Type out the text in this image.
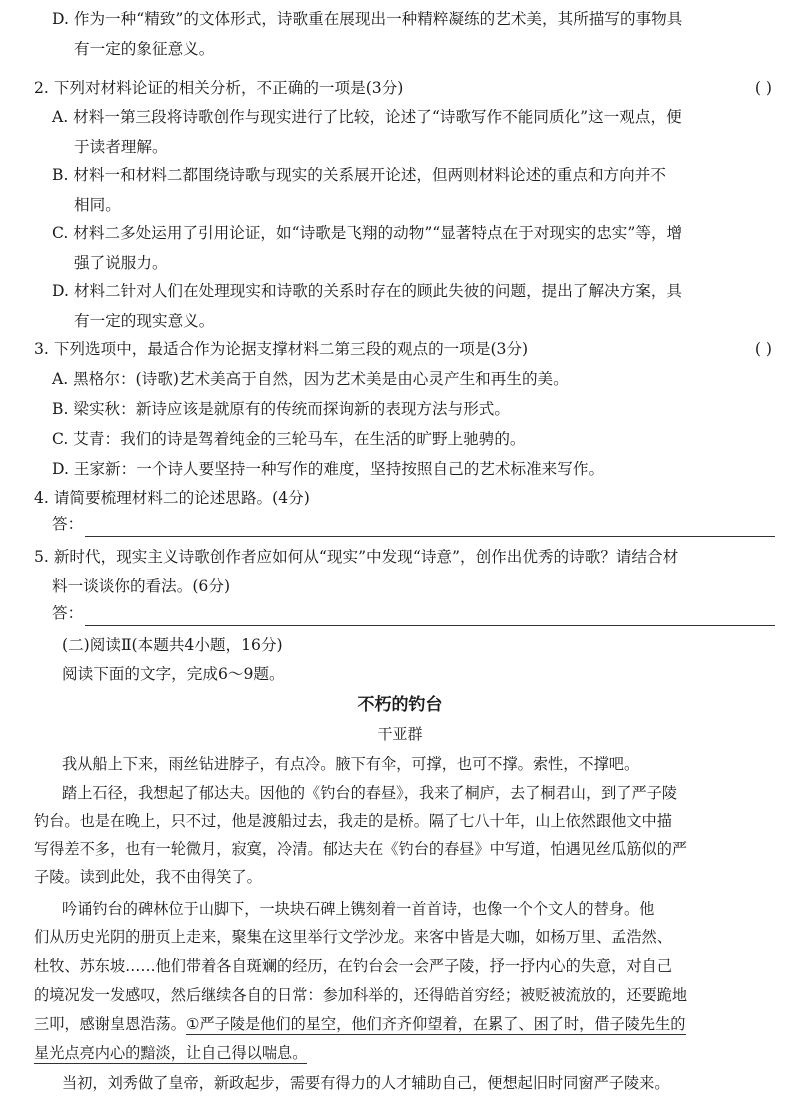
D. 作为一种“精致”的文体形式，诗歌重在展现出一种精粹凝练的艺术美，其所描写的事物具
有一定的象征意义。
2. 下列对材料论证的相关分析，不正确的一项是(3分)	( )
A. 材料一第三段将诗歌创作与现实进行了比较，论述了“诗歌写作不能同质化”这一观点，便
于读者理解。
B. 材料一和材料二都围绕诗歌与现实的关系展开论述，但两则材料论述的重点和方向并不
相同。
C. 材料二多处运用了引用论证，如“诗歌是飞翔的动物”“显著特点在于对现实的忠实”等，增
强了说服力。
D. 材料二针对人们在处理现实和诗歌的关系时存在的顾此失彼的问题，提出了解决方案，具
有一定的现实意义。
3. 下列选项中，最适合作为论据支撑材料二第三段的观点的一项是(3分)	( )
A. 黑格尔：(诗歌)艺术美高于自然，因为艺术美是由心灵产生和再生的美。
B. 梁实秋：新诗应该是就原有的传统而探询新的表现方法与形式。
C. 艾青：我们的诗是驾着纯金的三轮马车，在生活的旷野上驰骋的。
D. 王家新：一个诗人要坚持一种写作的难度，坚持按照自己的艺术标准来写作。
4. 请简要梳理材料二的论述思路。(4分)
答：
5. 新时代，现实主义诗歌创作者应如何从“现实”中发现“诗意”，创作出优秀的诗歌？请结合材
料一谈谈你的看法。(6分)
答：
(二)阅读Ⅱ(本题共4小题，16分)
阅读下面的文字，完成6～9题。
不朽的钓台
干亚群
我从船上下来，雨丝钻进脖子，有点冷。腋下有伞，可撑，也可不撑。索性，不撑吧。
踏上石径，我想起了郁达夫。因他的《钓台的春昼》，我来了桐庐，去了桐君山，到了严子陵
钓台。也是在晚上，只不过，他是渡船过去，我走的是桥。隔了七八十年，山上依然跟他文中描
写得差不多，也有一轮微月，寂寞，冷清。郁达夫在《钓台的春昼》中写道，怕遇见丝瓜筋似的严
子陵。读到此处，我不由得笑了。
吟诵钓台的碑林位于山脚下，一块块石碑上镌刻着一首首诗，也像一个个文人的替身。他
们从历史光阴的册页上走来，聚集在这里举行文学沙龙。来客中皆是大咖，如杨万里、孟浩然、
杜牧、苏东坡……他们带着各自斑斓的经历，在钓台会一会严子陵，抒一抒内心的失意，对自己
的境况发一发感叹，然后继续各自的日常：参加科举的，还得皓首穷经；被贬被流放的，还要跪地
三叩，感谢皇恩浩荡。①严子陵是他们的星空，他们齐齐仰望着，在累了、困了时，借子陵先生的
星光点亮内心的黯淡，让自己得以喘息。
当初，刘秀做了皇帝，新政起步，需要有得力的人才辅助自己，便想起旧时同窗严子陵来。
